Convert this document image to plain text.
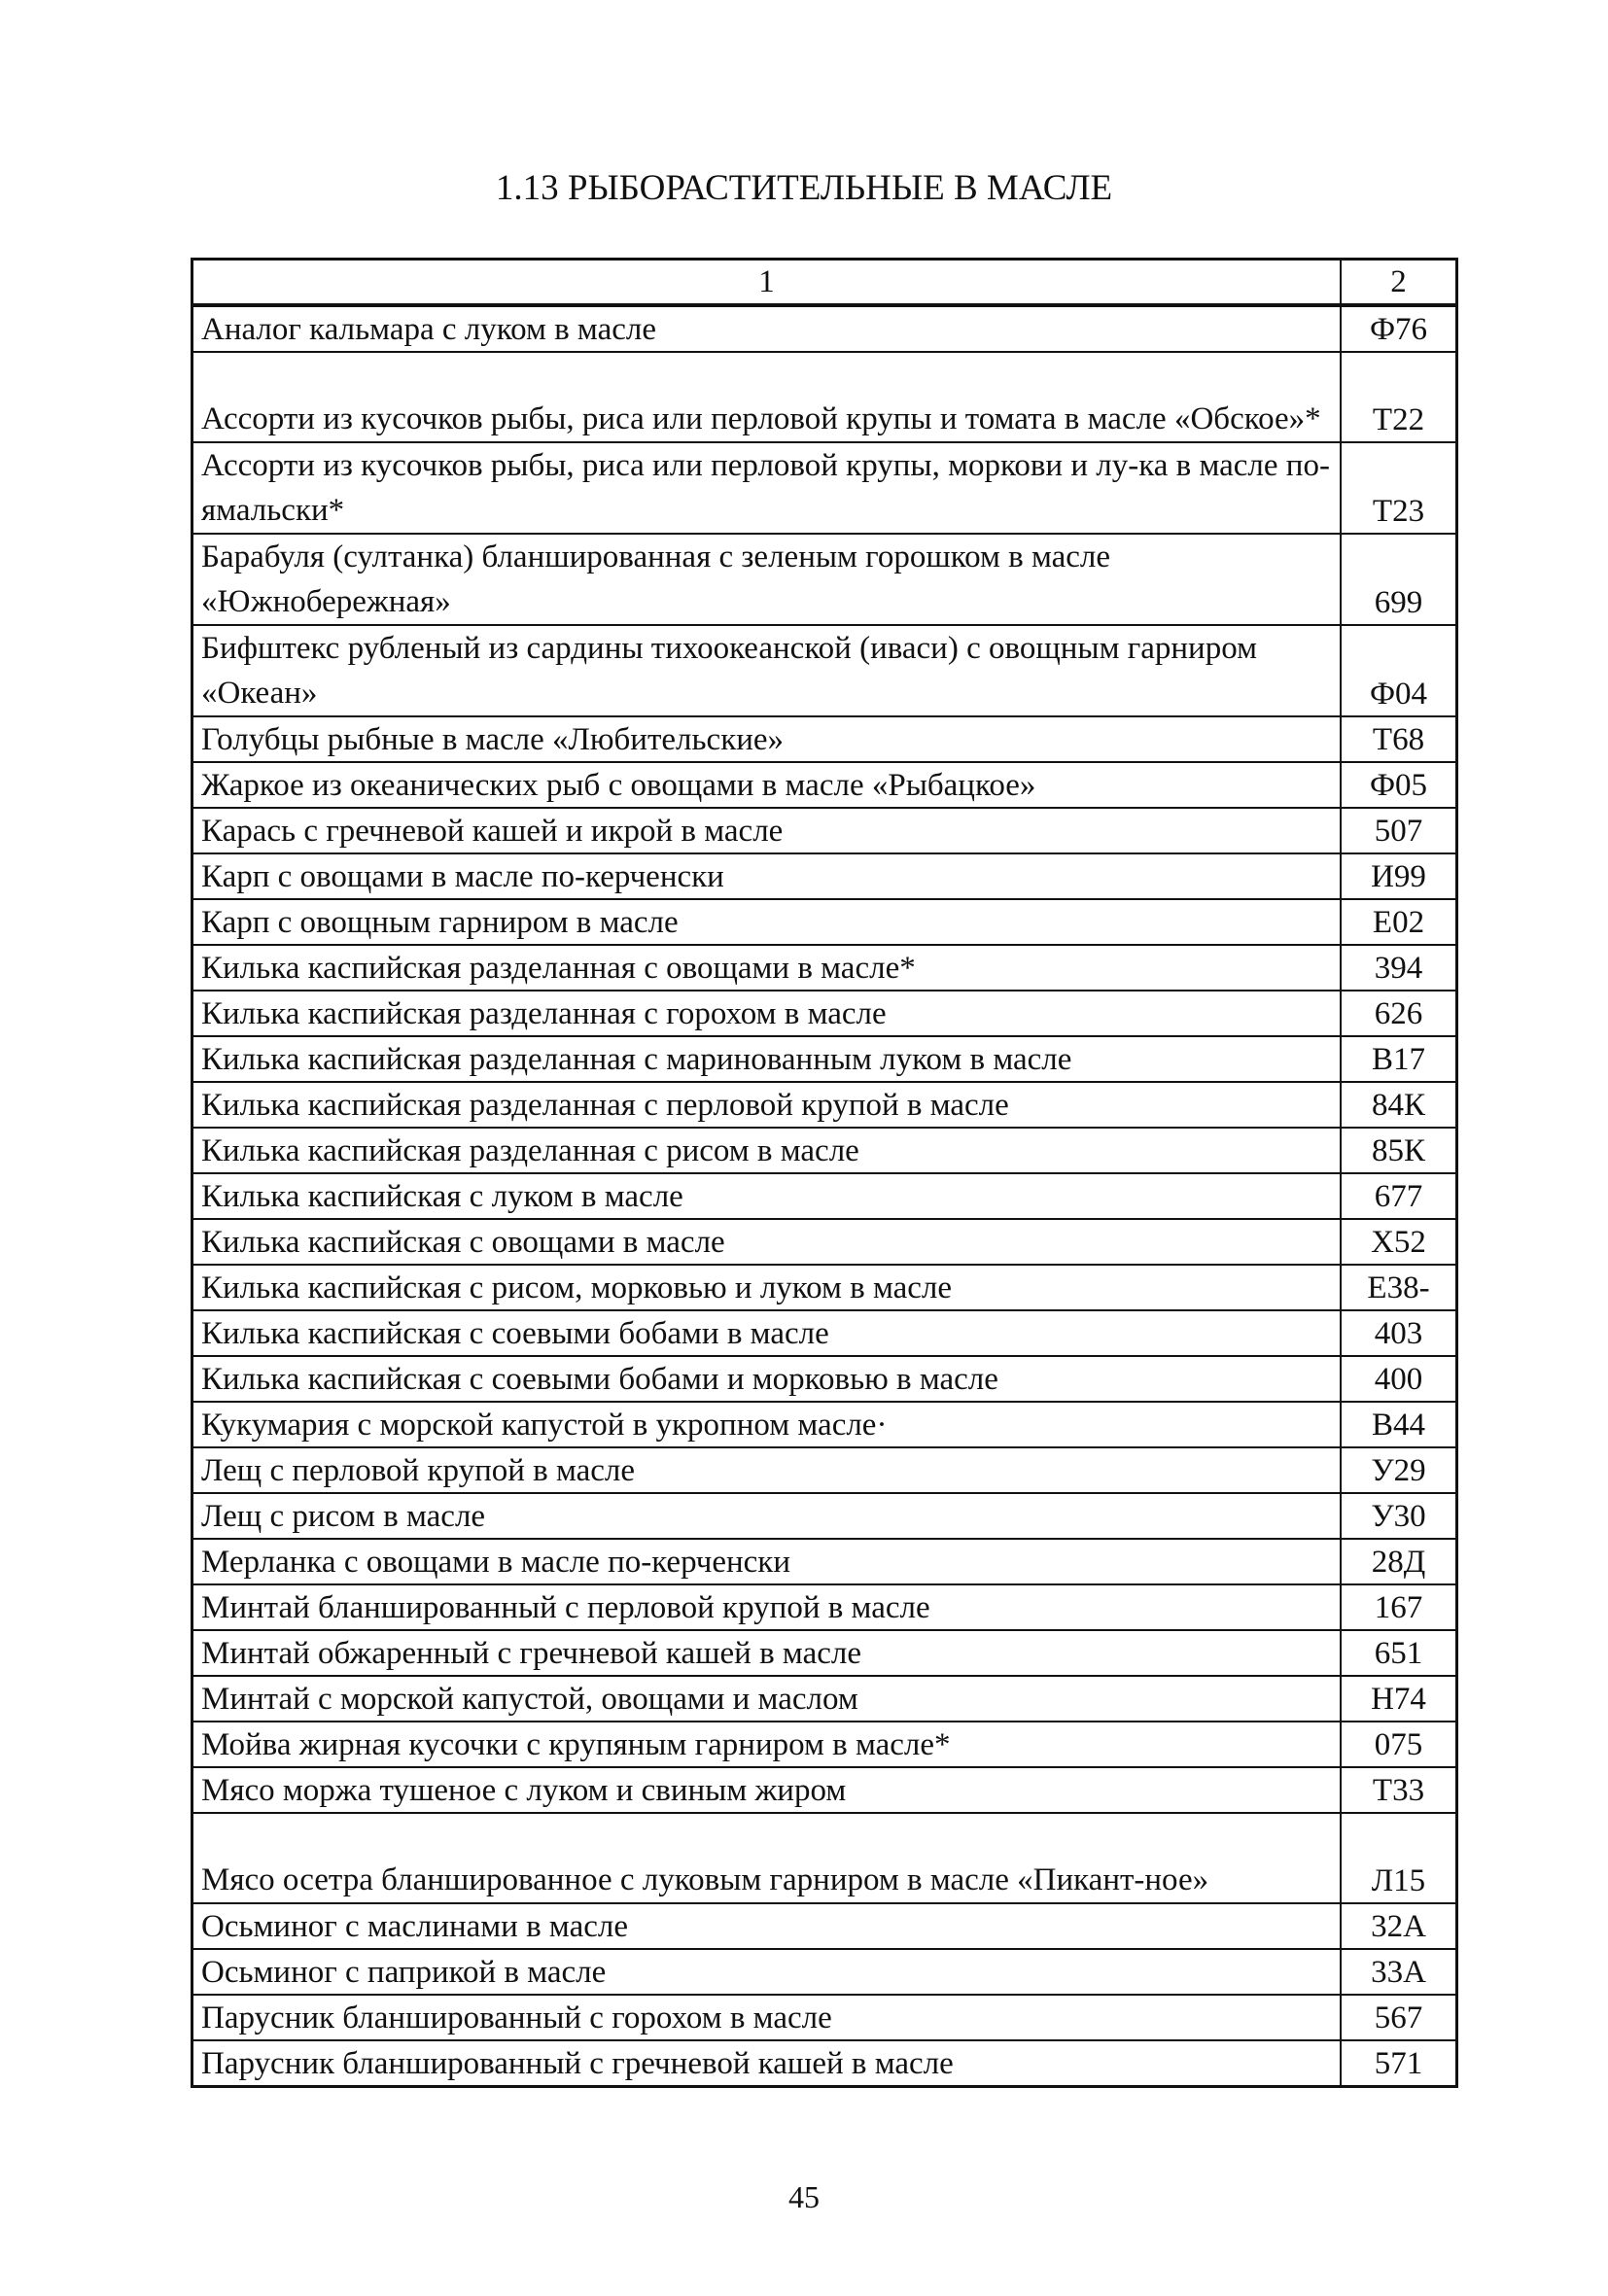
1.13 РЫБОРАСТИТЕЛЬНЫЕ В МАСЛЕ
1	2
Аналог кальмара с луком в масле	Ф76
Ассорти из кусочков рыбы, риса или перловой крупы и томата в масле «Обское»*	Т22
Ассорти из кусочков рыбы, риса или перловой крупы, моркови и лу-ка в масле по-ямальски*	Т23
Барабуля (султанка) бланшированная с зеленым горошком в масле «Южнобережная»	699
Бифштекс рубленый из сардины тихоокеанской (иваси) с овощным гарниром «Океан»	Ф04
Голубцы рыбные в масле «Любительские»	Т68
Жаркое из океанических рыб с овощами в масле «Рыбацкое»	Ф05
Карась с гречневой кашей и икрой в масле	507
Карп с овощами в масле по-керченски	И99
Карп с овощным гарниром в масле	Е02
Килька каспийская разделанная с овощами в масле*	394
Килька каспийская разделанная с горохом в масле	626
Килька каспийская разделанная с маринованным луком в масле	В17
Килька каспийская разделанная с перловой крупой в масле	84К
Килька каспийская разделанная с рисом в масле	85К
Килька каспийская с луком в масле	677
Килька каспийская с овощами в масле	Х52
Килька каспийская с рисом, морковью и луком в масле	Е38-
Килька каспийская с соевыми бобами в масле	403
Килька каспийская с соевыми бобами и морковью в масле	400
Кукумария с морской капустой в укропном масле·	В44
Лещ с перловой крупой в масле	У29
Лещ с рисом в масле	У30
Мерланка с овощами в масле по-керченски	28Д
Минтай бланшированный с перловой крупой в масле	167
Минтай обжаренный с гречневой кашей в масле	651
Минтай с морской капустой, овощами и маслом	Н74
Мойва жирная кусочки с крупяным гарниром в масле*	075
Мясо моржа тушеное с луком и свиным жиром	Т33
Мясо осетра бланшированное с луковым гарниром в масле «Пикант-ное»	Л15
Осьминог с маслинами в масле	32А
Осьминог с паприкой в масле	33А
Парусник бланшированный с горохом в масле	567
Парусник бланшированный с гречневой кашей в масле	571
45
